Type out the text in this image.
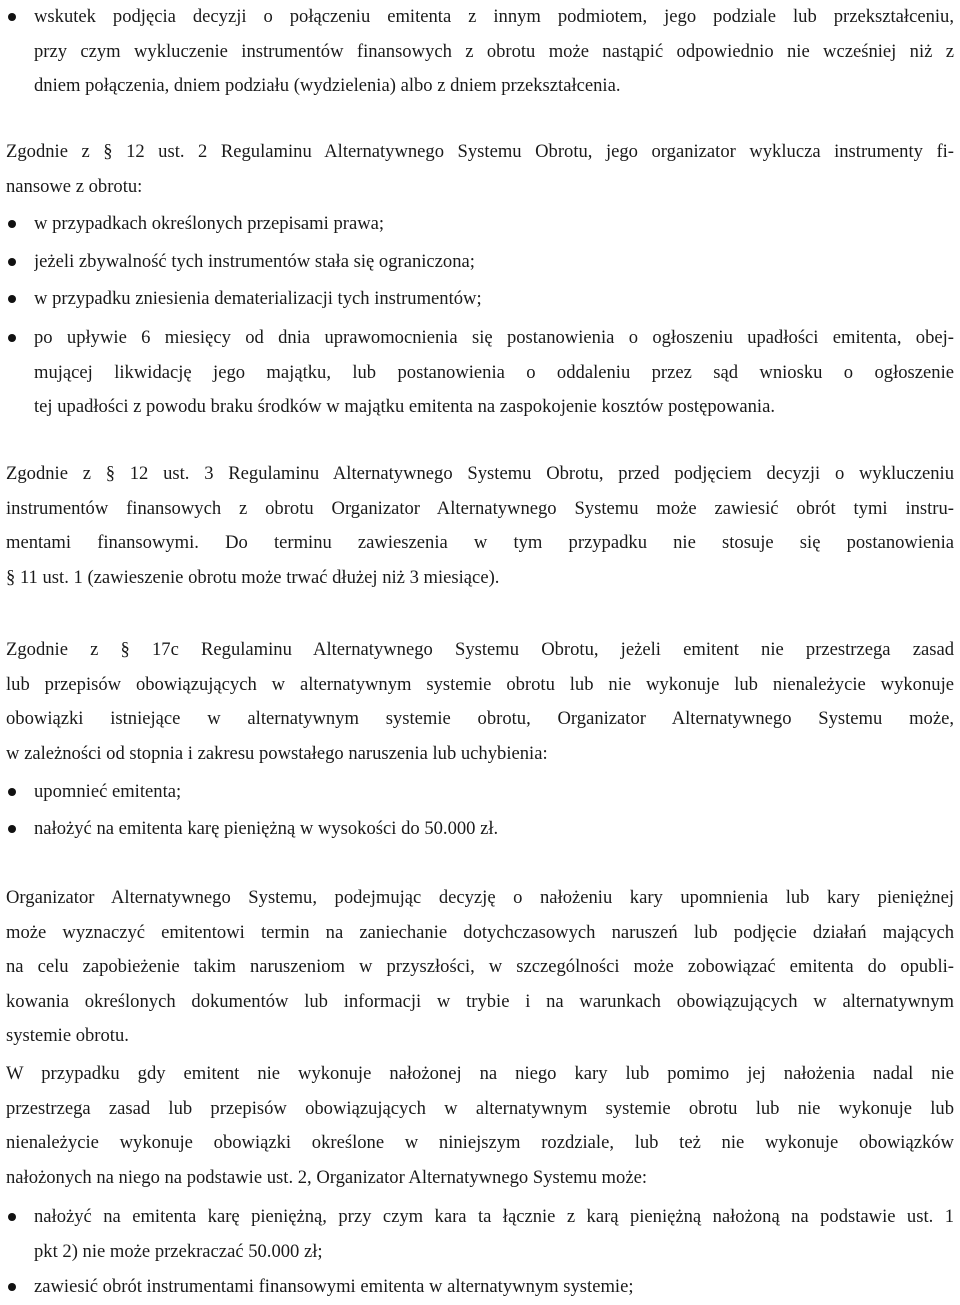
wskutek podjęcia decyzji o połączeniu emitenta z innym podmiotem, jego podziale lub przekształceniu,
przy czym wykluczenie instrumentów finansowych z obrotu może nastąpić odpowiednio nie wcześniej niż z
dniem połączenia, dniem podziału (wydzielenia) albo z dniem przekształcenia.
Zgodnie z § 12 ust. 2 Regulaminu Alternatywnego Systemu Obrotu, jego organizator wyklucza instrumenty fi-
nansowe z obrotu:
w przypadkach określonych przepisami prawa;
jeżeli zbywalność tych instrumentów stała się ograniczona;
w przypadku zniesienia dematerializacji tych instrumentów;
po upływie 6 miesięcy od dnia uprawomocnienia się postanowienia o ogłoszeniu upadłości emitenta, obej-
mującej likwidację jego majątku, lub postanowienia o oddaleniu przez sąd wniosku o ogłoszenie
tej upadłości z powodu braku środków w majątku emitenta na zaspokojenie kosztów postępowania.
Zgodnie z § 12 ust. 3 Regulaminu Alternatywnego Systemu Obrotu, przed podjęciem decyzji o wykluczeniu
instrumentów finansowych z obrotu Organizator Alternatywnego Systemu może zawiesić obrót tymi instru-
mentami finansowymi. Do terminu zawieszenia w tym przypadku nie stosuje się postanowienia
§ 11 ust. 1 (zawieszenie obrotu może trwać dłużej niż 3 miesiące).
Zgodnie z § 17c Regulaminu Alternatywnego Systemu Obrotu, jeżeli emitent nie przestrzega zasad
lub przepisów obowiązujących w alternatywnym systemie obrotu lub nie wykonuje lub nienależycie wykonuje
obowiązki istniejące w alternatywnym systemie obrotu, Organizator Alternatywnego Systemu może,
w zależności od stopnia i zakresu powstałego naruszenia lub uchybienia:
upomnieć emitenta;
nałożyć na emitenta karę pieniężną w wysokości do 50.000 zł.
Organizator Alternatywnego Systemu, podejmując decyzję o nałożeniu kary upomnienia lub kary pieniężnej
może wyznaczyć emitentowi termin na zaniechanie dotychczasowych naruszeń lub podjęcie działań mających
na celu zapobieżenie takim naruszeniom w przyszłości, w szczególności może zobowiązać emitenta do opubli-
kowania określonych dokumentów lub informacji w trybie i na warunkach obowiązujących w alternatywnym
systemie obrotu.
W przypadku gdy emitent nie wykonuje nałożonej na niego kary lub pomimo jej nałożenia nadal nie
przestrzega zasad lub przepisów obowiązujących w alternatywnym systemie obrotu lub nie wykonuje lub
nienależycie wykonuje obowiązki określone w niniejszym rozdziale, lub też nie wykonuje obowiązków
nałożonych na niego na podstawie ust. 2, Organizator Alternatywnego Systemu może:
nałożyć na emitenta karę pieniężną, przy czym kara ta łącznie z karą pieniężną nałożoną na podstawie ust. 1
pkt 2) nie może przekraczać 50.000 zł;
zawiesić obrót instrumentami finansowymi emitenta w alternatywnym systemie;
